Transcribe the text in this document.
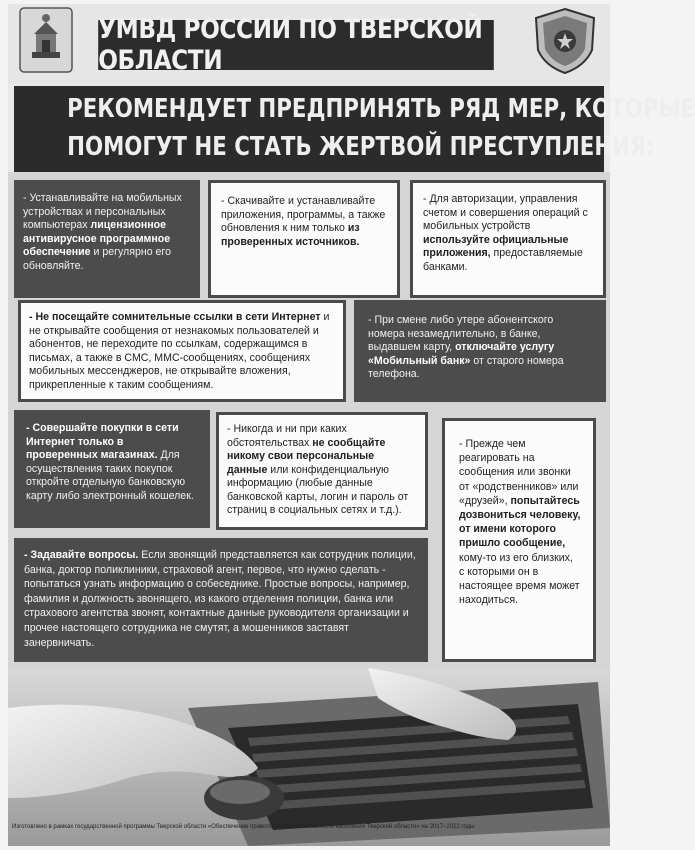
УМВД РОССИИ ПО ТВЕРСКОЙ ОБЛАСТИ
РЕКОМЕНДУЕТ ПРЕДПРИНЯТЬ РЯД МЕР, КОТОРЫЕ
ПОМОГУТ НЕ СТАТЬ ЖЕРТВОЙ ПРЕСТУПЛЕНИЯ:
- Устанавливайте на мобильных устройствах и персональных компьютерах лицензионное антивирусное программное обеспечение и регулярно его обновляйте.
- Скачивайте и устанавливайте приложения, программы, а также обновления к ним только из проверенных источников.
- Для авторизации, управления счетом и совершения операций с мобильных устройств используйте официальные приложения, предоставляемые банками.
- Не посещайте сомнительные ссылки в сети Интернет и не открывайте сообщения от незнакомых пользователей и абонентов, не переходите по ссылкам, содержащимся в письмах, а также в СМС, ММС-сообщениях, сообщениях мобильных мессенджеров, не открывайте вложения, прикрепленные к таким сообщениям.
- При смене либо утере абонентского номера незамедлительно, в банке, выдавшем карту, отключайте услугу «Мобильный банк» от старого номера телефона.
- Совершайте покупки в сети Интернет только в проверенных магазинах. Для осуществления таких покупок откройте отдельную банковскую карту либо электронный кошелек.
- Никогда и ни при каких обстоятельствах не сообщайте никому свои персональные данные или конфиденциальную информацию (любые данные банковской карты, логин и пароль от страниц в социальных сетях и т.д.).
- Прежде чем реагировать на сообщения или звонки от «родственников» или «друзей», попытайтесь дозвониться человеку, от имени которого пришло сообщение, кому-то из его близких, с которыми он в настоящее время может находиться.
- Задавайте вопросы. Если звонящий представляется как сотрудник полиции, банка, доктор поликлиники, страховой агент, первое, что нужно сделать - попытаться узнать информацию о собеседнике. Простые вопросы, например, фамилия и должность звонящего, из какого отделения полиции, банка или страхового агентства звонят, контактные данные руководителя организации и прочее настоящего сотрудника не смутят, а мошенников заставят занервничать.
Изготовлено в рамках государственной программы Тверской области «Обеспечение правопорядка и безопасности населения Тверской области» на 2017–2022 годы
